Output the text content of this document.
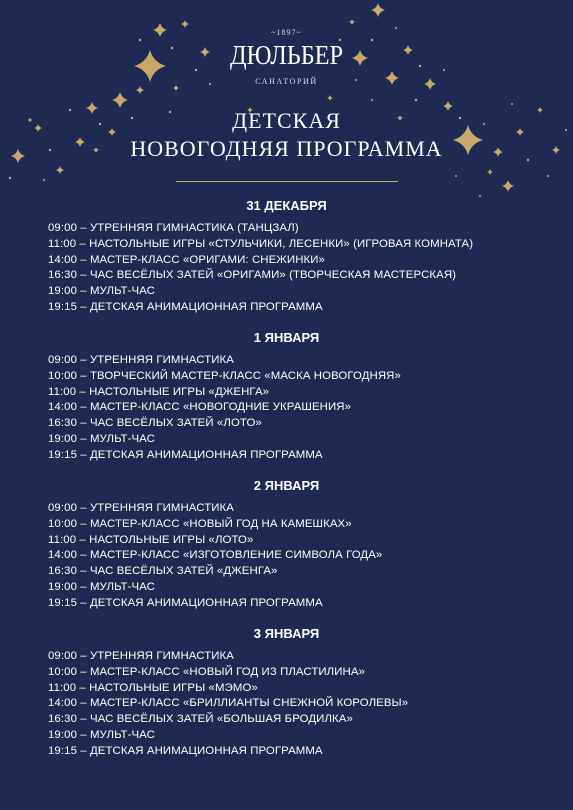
~1897~
ДЮЛЬБЕР
САНАТОРИЙ
ДЕТСКАЯ
НОВОГОДНЯЯ ПРОГРАММА
31 ДЕКАБРЯ
09:00 – УТРЕННЯЯ ГИМНАСТИКА (ТАНЦЗАЛ)
11:00 – НАСТОЛЬНЫЕ ИГРЫ «СТУЛЬЧИКИ, ЛЕСЕНКИ» (ИГРОВАЯ КОМНАТА)
14:00 – МАСТЕР-КЛАСС «ОРИГАМИ: СНЕЖИНКИ»
16:30 – ЧАС ВЕСЁЛЫХ ЗАТЕЙ «ОРИГАМИ» (ТВОРЧЕСКАЯ МАСТЕРСКАЯ)
19:00 – МУЛЬТ-ЧАС
19:15 – ДЕТСКАЯ АНИМАЦИОННАЯ ПРОГРАММА
1 ЯНВАРЯ
09:00 – УТРЕННЯЯ ГИМНАСТИКА
10:00 – ТВОРЧЕСКИЙ МАСТЕР-КЛАСС «МАСКА НОВОГОДНЯЯ»
11:00 – НАСТОЛЬНЫЕ ИГРЫ «ДЖЕНГА»
14:00 – МАСТЕР-КЛАСС «НОВОГОДНИЕ УКРАШЕНИЯ»
16:30 – ЧАС ВЕСЁЛЫХ ЗАТЕЙ «ЛОТО»
19:00 – МУЛЬТ-ЧАС
19:15 – ДЕТСКАЯ АНИМАЦИОННАЯ ПРОГРАММА
2 ЯНВАРЯ
09:00 – УТРЕННЯЯ ГИМНАСТИКА
10:00 – МАСТЕР-КЛАСС «НОВЫЙ ГОД НА КАМЕШКАХ»
11:00 – НАСТОЛЬНЫЕ ИГРЫ «ЛОТО»
14:00 – МАСТЕР-КЛАСС «ИЗГОТОВЛЕНИЕ СИМВОЛА ГОДА»
16:30 – ЧАС ВЕСЁЛЫХ ЗАТЕЙ «ДЖЕНГА»
19:00 – МУЛЬТ-ЧАС
19:15 – ДЕТСКАЯ АНИМАЦИОННАЯ ПРОГРАММА
3 ЯНВАРЯ
09:00 – УТРЕННЯЯ ГИМНАСТИКА
10:00 – МАСТЕР-КЛАСС «НОВЫЙ ГОД ИЗ ПЛАСТИЛИНА»
11:00 – НАСТОЛЬНЫЕ ИГРЫ «МЭМО»
14:00 – МАСТЕР-КЛАСС «БРИЛЛИАНТЫ СНЕЖНОЙ КОРОЛЕВЫ»
16:30 – ЧАС ВЕСЁЛЫХ ЗАТЕЙ «БОЛЬШАЯ БРОДИЛКА»
19:00 – МУЛЬТ-ЧАС
19:15 – ДЕТСКАЯ АНИМАЦИОННАЯ ПРОГРАММА
